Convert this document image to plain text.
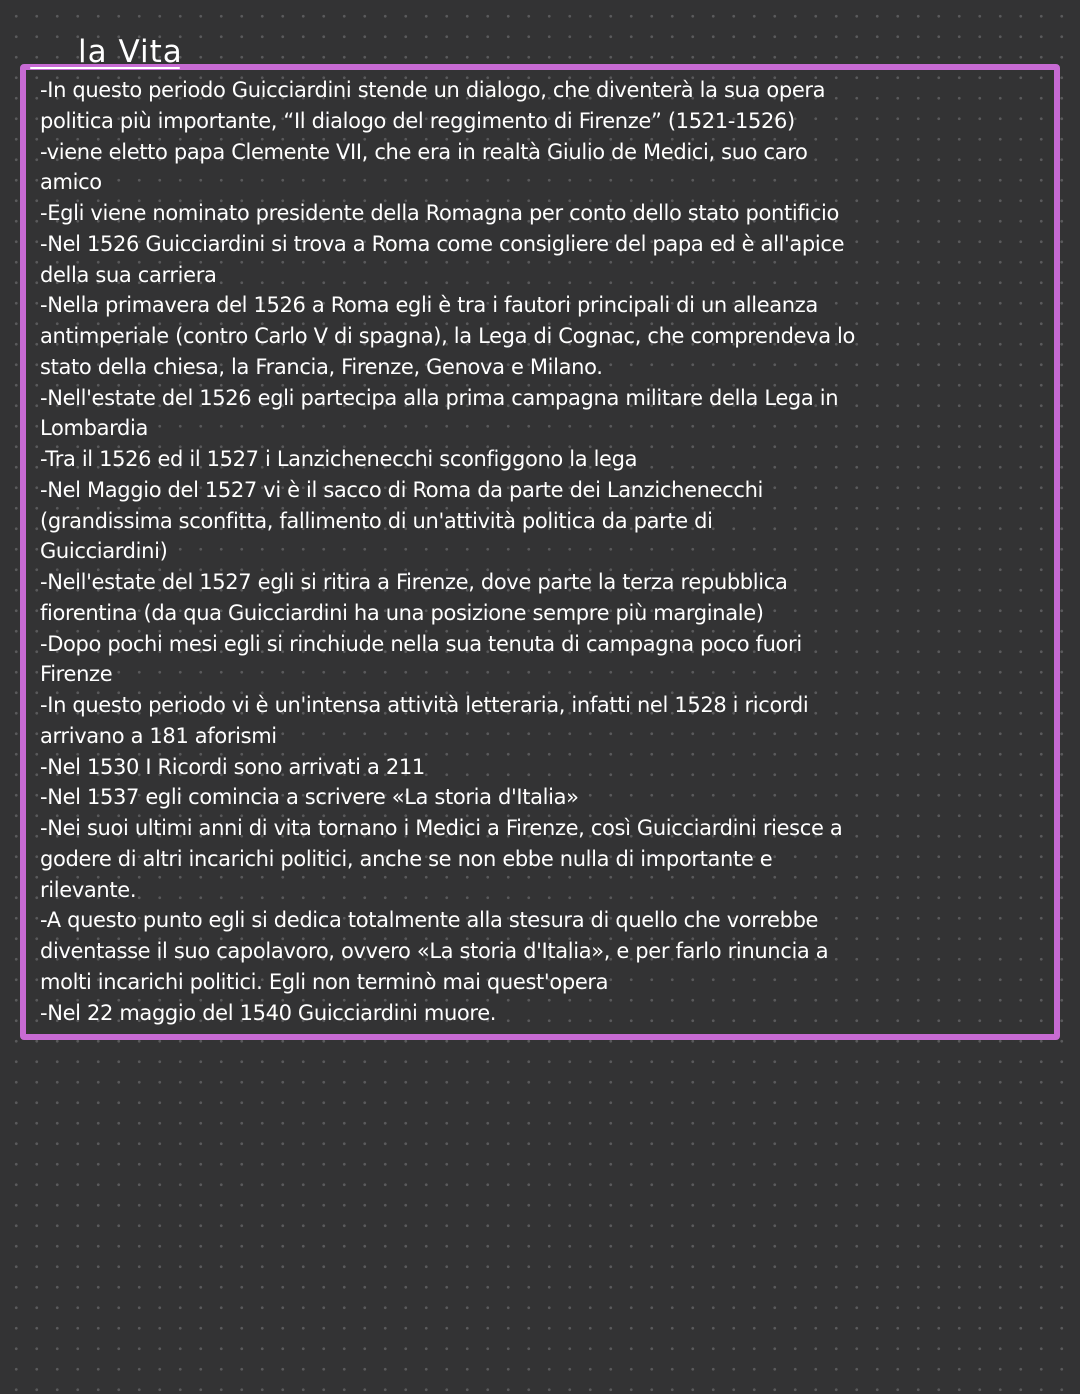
la Vita
-In questo periodo Guicciardini stende un dialogo, che diventerà la sua opera
politica più importante, “Il dialogo del reggimento di Firenze” (1521-1526)
-viene eletto papa Clemente VII, che era in realtà Giulio de Medici, suo caro
amico
-Egli viene nominato presidente della Romagna per conto dello stato pontificio
-Nel 1526 Guicciardini si trova a Roma come consigliere del papa ed è all'apice
della sua carriera
-Nella primavera del 1526 a Roma egli è tra i fautori principali di un alleanza
antimperiale (contro Carlo V di spagna), la Lega di Cognac, che comprendeva lo
stato della chiesa, la Francia, Firenze, Genova e Milano.
-Nell'estate del 1526 egli partecipa alla prima campagna militare della Lega in
Lombardia
-Tra il 1526 ed il 1527 i Lanzichenecchi sconfiggono la lega
-Nel Maggio del 1527 vi è il sacco di Roma da parte dei Lanzichenecchi
(grandissima sconfitta, fallimento di un'attività politica da parte di
Guicciardini)
-Nell'estate del 1527 egli si ritira a Firenze, dove parte la terza repubblica
fiorentina (da qua Guicciardini ha una posizione sempre più marginale)
-Dopo pochi mesi egli si rinchiude nella sua tenuta di campagna poco fuori
Firenze
-In questo periodo vi è un'intensa attività letteraria, infatti nel 1528 i ricordi
arrivano a 181 aforismi
-Nel 1530 I Ricordi sono arrivati a 211
-Nel 1537 egli comincia a scrivere «La storia d'Italia»
-Nei suoi ultimi anni di vita tornano i Medici a Firenze, così Guicciardini riesce a
godere di altri incarichi politici, anche se non ebbe nulla di importante e
rilevante.
-A questo punto egli si dedica totalmente alla stesura di quello che vorrebbe
diventasse il suo capolavoro, ovvero «La storia d'Italia», e per farlo rinuncia a
molti incarichi politici. Egli non terminò mai quest'opera
-Nel 22 maggio del 1540 Guicciardini muore.
